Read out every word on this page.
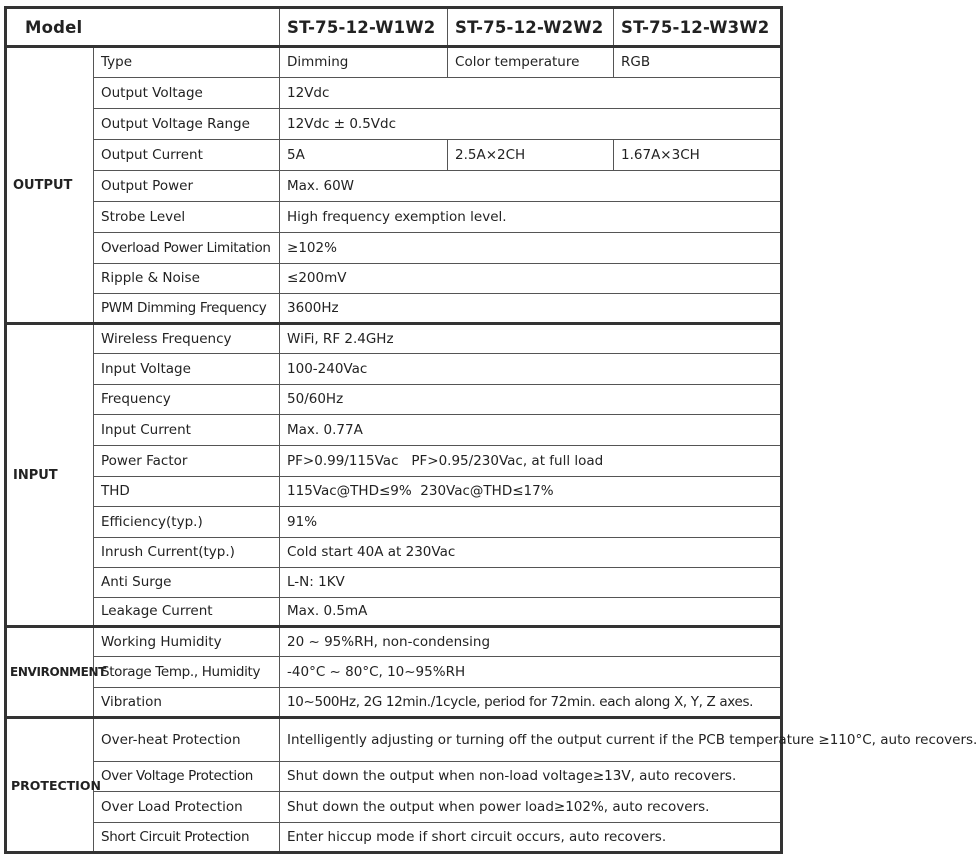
Model		ST-75-12-W1W2	ST-75-12-W2W2	ST-75-12-W3W2
OUTPUT	Type	Dimming	Color temperature	RGB
	Output Voltage	12Vdc		
	Output Voltage Range	12Vdc ± 0.5Vdc		
	Output Current	5A	2.5A×2CH	1.67A×3CH
	Output Power	Max. 60W		
	Strobe Level	High frequency exemption level.		
	Overload Power Limitation	≥102%		
	Ripple & Noise	≤200mV		
	PWM Dimming Frequency	3600Hz		
INPUT	Wireless Frequency	WiFi, RF 2.4GHz		
	Input Voltage	100-240Vac		
	Frequency	50/60Hz		
	Input Current	Max. 0.77A		
	Power Factor	PF>0.99/115Vac   PF>0.95/230Vac, at full load		
	THD	115Vac@THD≤9%  230Vac@THD≤17%		
	Efficiency(typ.)	91%		
	Inrush Current(typ.)	Cold start 40A at 230Vac		
	Anti Surge	L-N: 1KV		
	Leakage Current	Max. 0.5mA		
ENVIRONMENT	Working Humidity	20 ~ 95%RH, non-condensing		
	Storage Temp., Humidity	-40°C ~ 80°C, 10~95%RH		
	Vibration	10~500Hz, 2G 12min./1cycle, period for 72min. each along X, Y, Z axes.		
PROTECTION	Over-heat Protection	Intelligently adjusting or turning off the output current if the PCB temperature ≥110°C, auto recovers.		
	Over Voltage Protection	Shut down the output when non-load voltage≥13V, auto recovers.		
	Over Load Protection	Shut down the output when power load≥102%, auto recovers.		
	Short Circuit Protection	Enter hiccup mode if short circuit occurs, auto recovers.		
